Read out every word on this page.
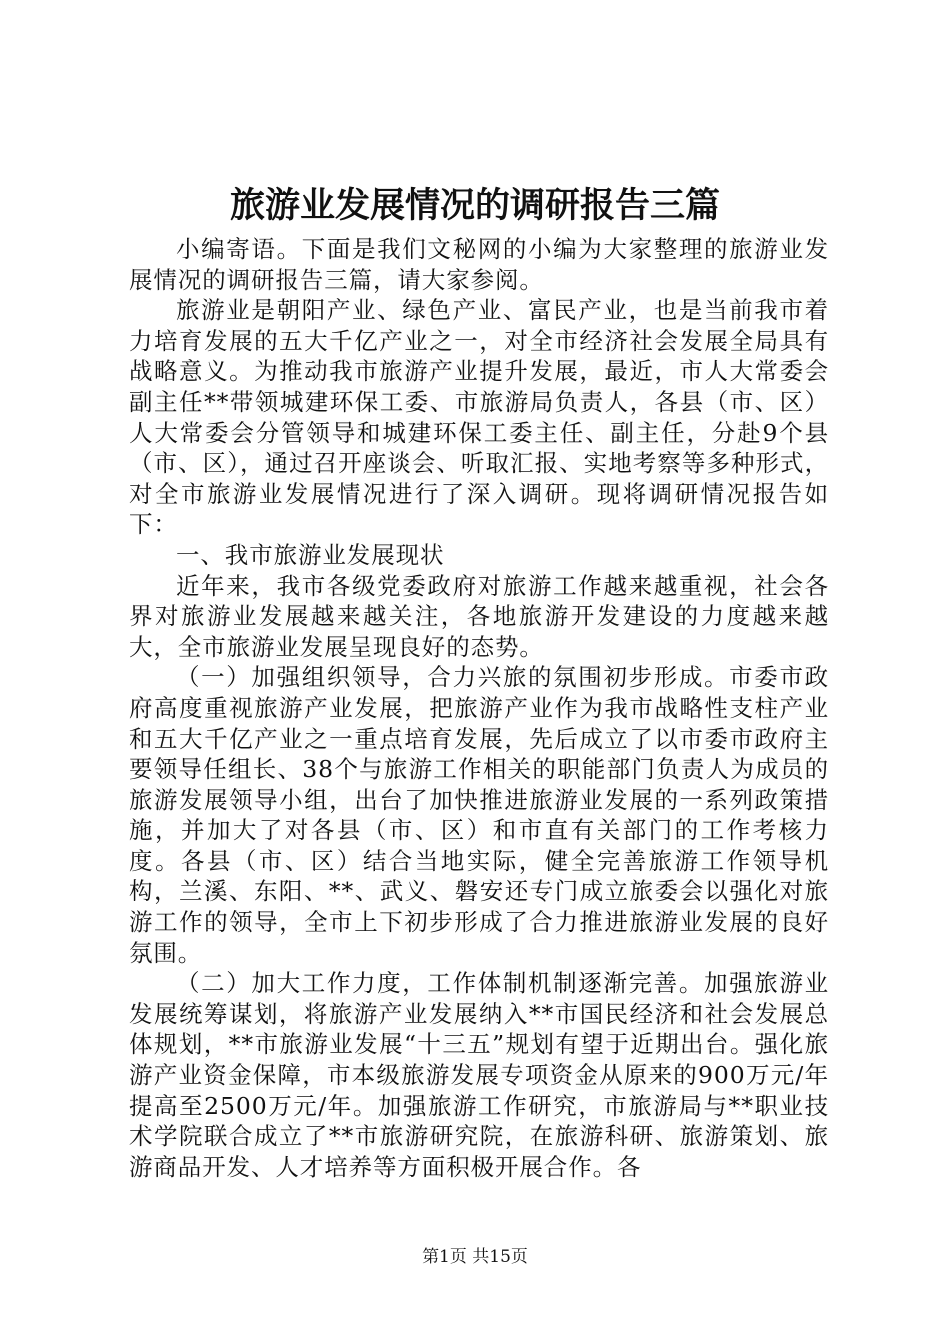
旅游业发展情况的调研报告三篇

小编寄语。下面是我们文秘网的小编为大家整理的旅游业发展情况的调研报告三篇，请大家参阅。

旅游业是朝阳产业、绿色产业、富民产业，也是当前我市着力培育发展的五大千亿产业之一，对全市经济社会发展全局具有战略意义。为推动我市旅游产业提升发展，最近，市人大常委会副主任**带领城建环保工委、市旅游局负责人，各县（市、区）人大常委会分管领导和城建环保工委主任、副主任，分赴9个县（市、区），通过召开座谈会、听取汇报、实地考察等多种形式，对全市旅游业发展情况进行了深入调研。现将调研情况报告如下：

一、我市旅游业发展现状

近年来，我市各级党委政府对旅游工作越来越重视，社会各界对旅游业发展越来越关注，各地旅游开发建设的力度越来越大，全市旅游业发展呈现良好的态势。

（一）加强组织领导，合力兴旅的氛围初步形成。市委市政府高度重视旅游产业发展，把旅游产业作为我市战略性支柱产业和五大千亿产业之一重点培育发展，先后成立了以市委市政府主要领导任组长、38个与旅游工作相关的职能部门负责人为成员的旅游发展领导小组，出台了加快推进旅游业发展的一系列政策措施，并加大了对各县（市、区）和市直有关部门的工作考核力度。各县（市、区）结合当地实际，健全完善旅游工作领导机构，兰溪、东阳、**、武义、磐安还专门成立旅委会以强化对旅游工作的领导，全市上下初步形成了合力推进旅游业发展的良好氛围。

（二）加大工作力度，工作体制机制逐渐完善。加强旅游业发展统筹谋划，将旅游产业发展纳入**市国民经济和社会发展总体规划，**市旅游业发展“十三五”规划有望于近期出台。强化旅游产业资金保障，市本级旅游发展专项资金从原来的900万元/年提高至2500万元/年。加强旅游工作研究，市旅游局与**职业技术学院联合成立了**市旅游研究院，在旅游科研、旅游策划、旅游商品开发、人才培养等方面积极开展合作。各

第1页 共15页
